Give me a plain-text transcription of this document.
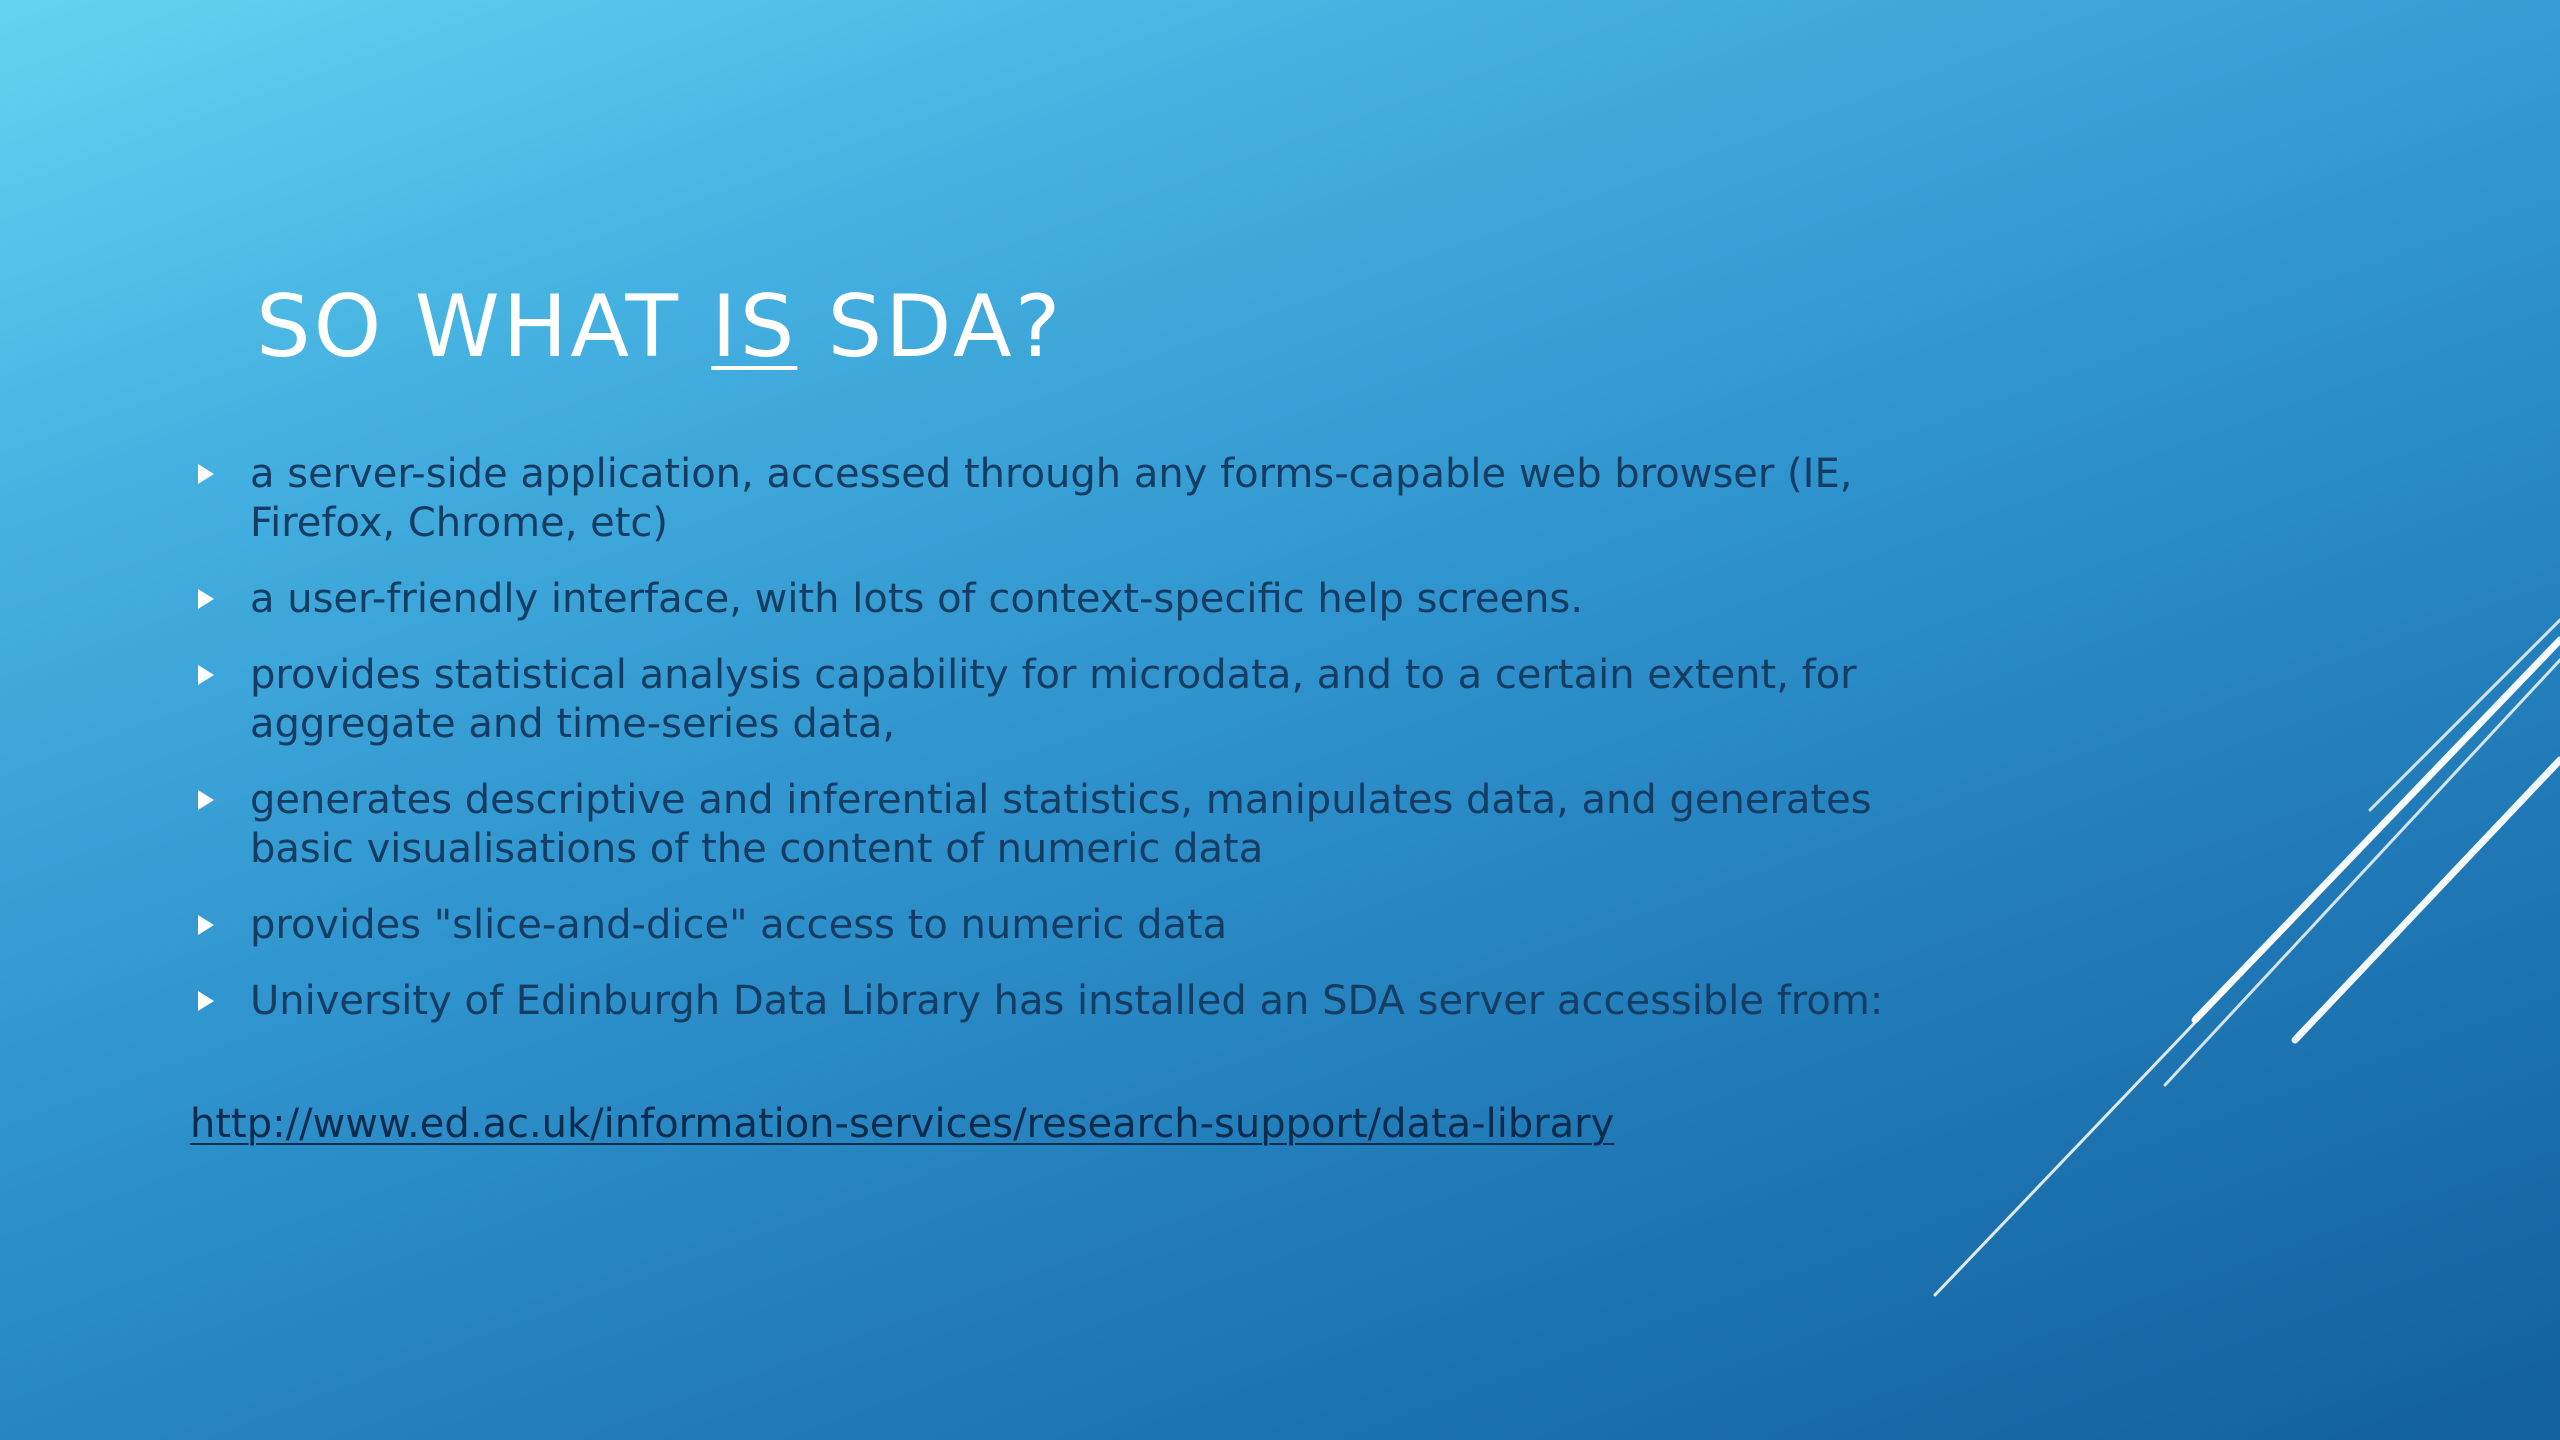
SO WHAT IS SDA?
a server-side application, accessed through any forms-capable web browser (IE, Firefox, Chrome, etc)
a user-friendly interface, with lots of context-specific help screens.
provides statistical analysis capability for microdata, and to a certain extent, for aggregate and time-series data,
generates descriptive and inferential statistics, manipulates data, and generates basic visualisations of the content of numeric data
provides "slice-and-dice" access to numeric data
University of Edinburgh Data Library has installed an SDA server accessible from:
http://www.ed.ac.uk/information-services/research-support/data-library
